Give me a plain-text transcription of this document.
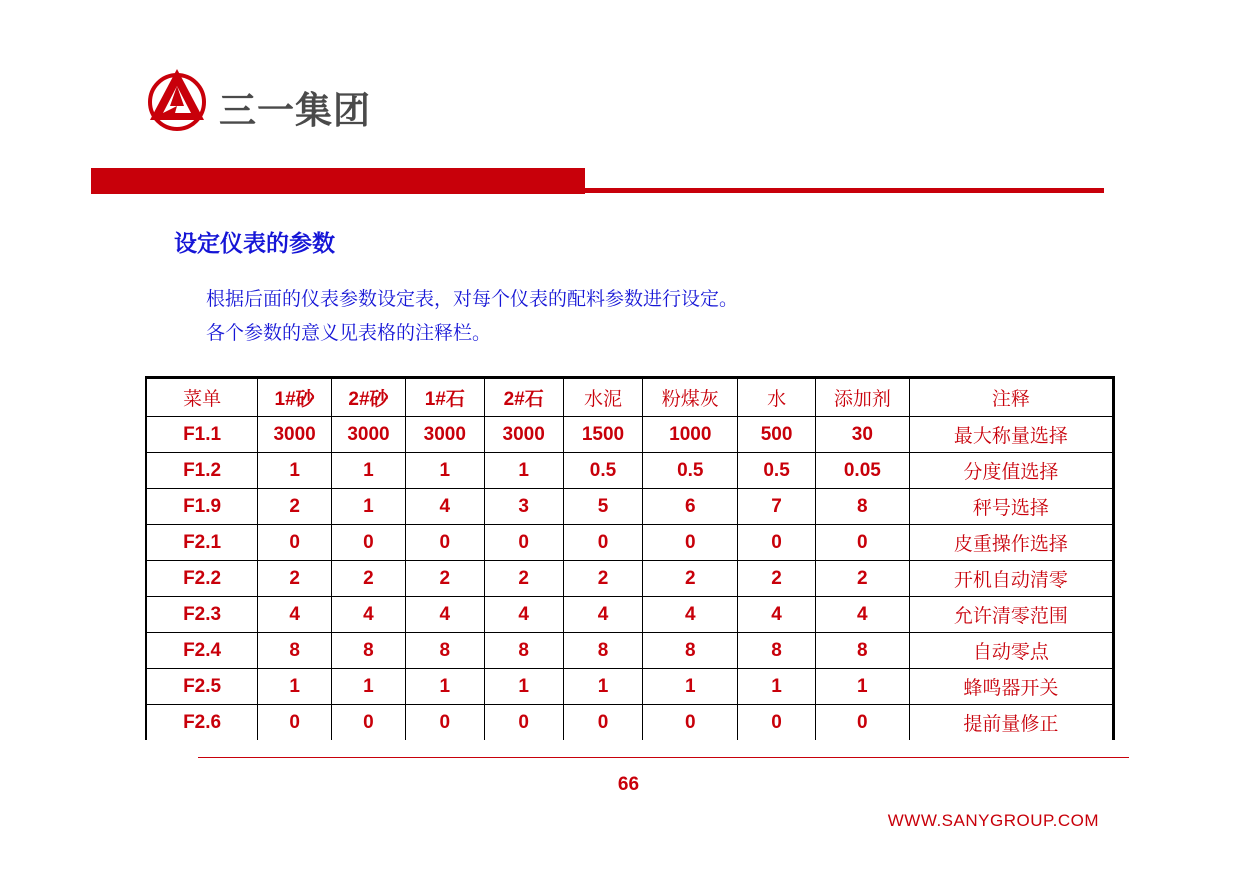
三一集团
设定仪表的参数
根据后面的仪表参数设定表，对每个仪表的配料参数进行设定。
各个参数的意义见表格的注释栏。
菜单	1#砂	2#砂	1#石	2#石	水泥	粉煤灰	水	添加剂	注释
F1.1	3000	3000	3000	3000	1500	1000	500	30	最大称量选择
F1.2	1	1	1	1	0.5	0.5	0.5	0.05	分度值选择
F1.9	2	1	4	3	5	6	7	8	秤号选择
F2.1	0	0	0	0	0	0	0	0	皮重操作选择
F2.2	2	2	2	2	2	2	2	2	开机自动清零
F2.3	4	4	4	4	4	4	4	4	允许清零范围
F2.4	8	8	8	8	8	8	8	8	自动零点
F2.5	1	1	1	1	1	1	1	1	蜂鸣器开关
F2.6	0	0	0	0	0	0	0	0	提前量修正
66
WWW.SANYGROUP.COM
